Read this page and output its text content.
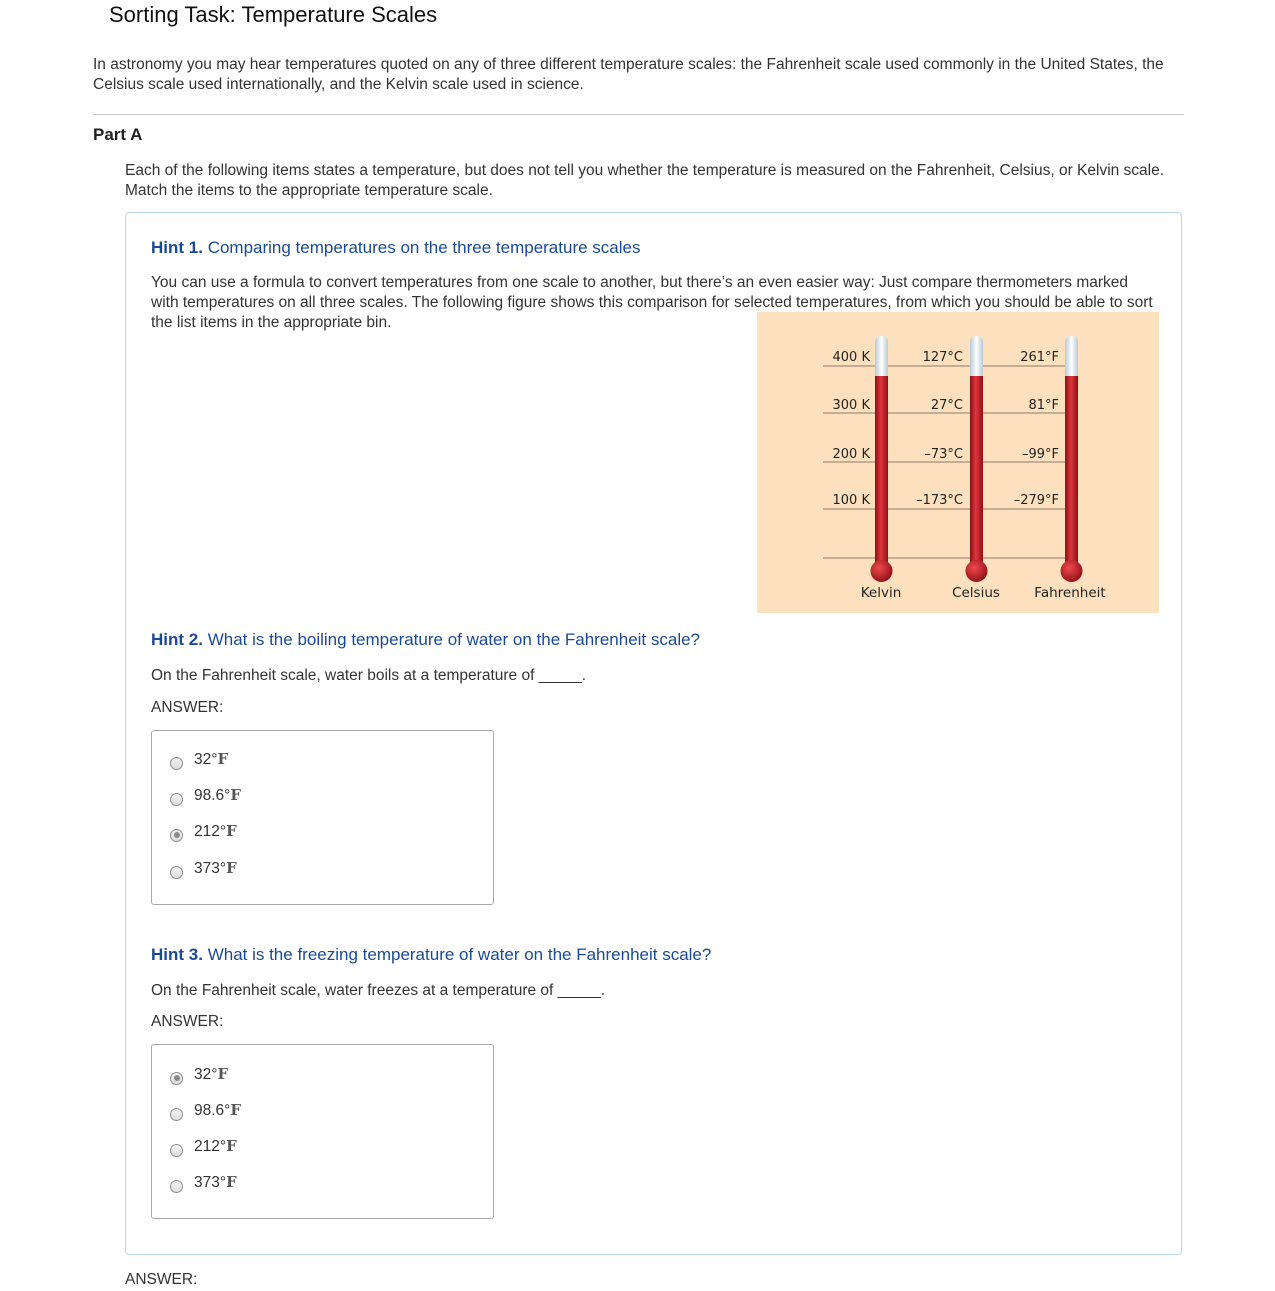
Sorting Task: Temperature Scales

In astronomy you may hear temperatures quoted on any of three different temperature scales: the Fahrenheit scale used commonly in the United States, the Celsius scale used internationally, and the Kelvin scale used in science.

Part A

Each of the following items states a temperature, but does not tell you whether the temperature is measured on the Fahrenheit, Celsius, or Kelvin scale. Match the items to the appropriate temperature scale.

Hint 1. Comparing temperatures on the three temperature scales

You can use a formula to convert temperatures from one scale to another, but there’s an even easier way: Just compare thermometers marked with temperatures on all three scales. The following figure shows this comparison for selected temperatures, from which you should be able to sort the list items in the appropriate bin.

400 K	127°C	261°F
300 K	27°C	81°F
200 K	–73°C	–99°F
100 K	–173°C	–279°F
Kelvin	Celsius	Fahrenheit
Hint 2. What is the boiling temperature of water on the Fahrenheit scale?

On the Fahrenheit scale, water boils at a temperature of _____.

ANSWER:

32°F
98.6°F
212°F
373°F
Hint 3. What is the freezing temperature of water on the Fahrenheit scale?

On the Fahrenheit scale, water freezes at a temperature of _____.

ANSWER:

32°F
98.6°F
212°F
373°F

ANSWER:
